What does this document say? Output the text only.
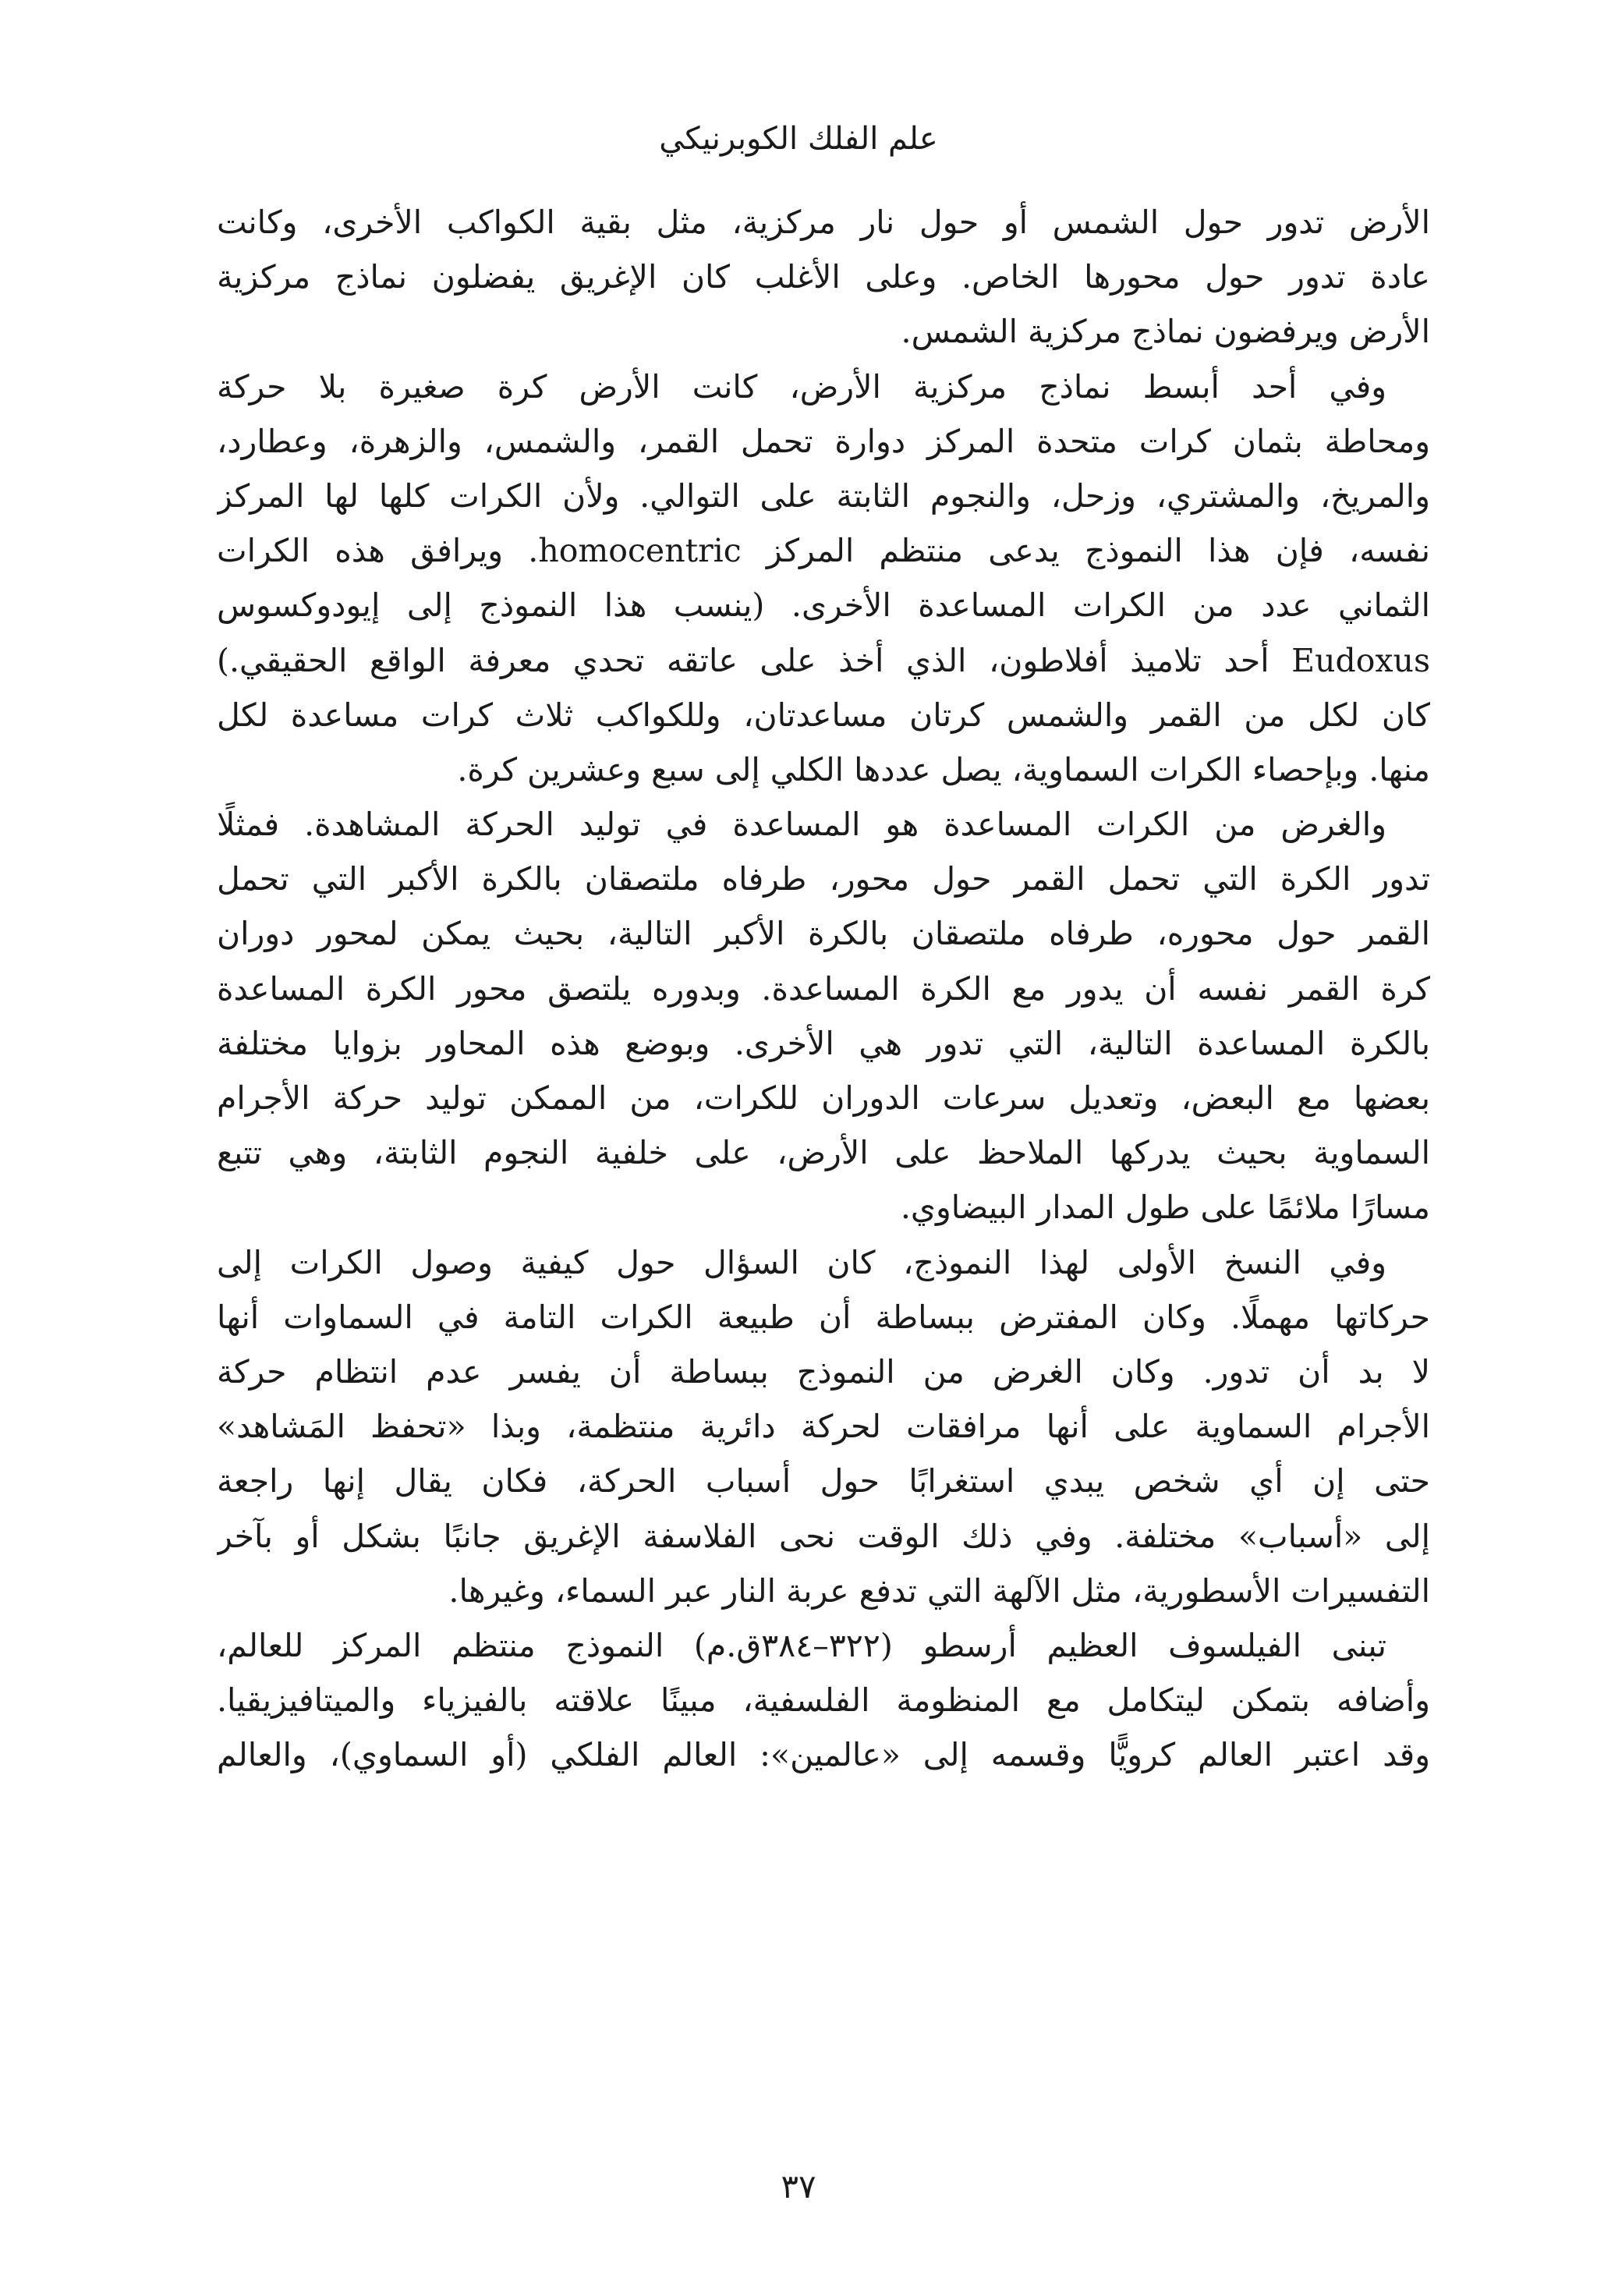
علم الفلك الكوبرنيكي
الأرض تدور حول الشمس أو حول نار مركزية، مثل بقية الكواكب الأخرى، وكانت
عادة تدور حول محورها الخاص. وعلى الأغلب كان الإغريق يفضلون نماذج مركزية
الأرض ويرفضون نماذج مركزية الشمس.
وفي أحد أبسط نماذج مركزية الأرض، كانت الأرض كرة صغيرة بلا حركة
ومحاطة بثمان كرات متحدة المركز دوارة تحمل القمر، والشمس، والزهرة، وعطارد،
والمريخ، والمشتري، وزحل، والنجوم الثابتة على التوالي. ولأن الكرات كلها لها المركز
نفسه، فإن هذا النموذج يدعى منتظم المركز homocentric. ويرافق هذه الكرات
الثماني عدد من الكرات المساعدة الأخرى. (ينسب هذا النموذج إلى إيودوكسوس
Eudoxus أحد تلاميذ أفلاطون، الذي أخذ على عاتقه تحدي معرفة الواقع الحقيقي.)
كان لكل من القمر والشمس كرتان مساعدتان، وللكواكب ثلاث كرات مساعدة لكل
منها. وبإحصاء الكرات السماوية، يصل عددها الكلي إلى سبع وعشرين كرة.
والغرض من الكرات المساعدة هو المساعدة في توليد الحركة المشاهدة. فمثلًا
تدور الكرة التي تحمل القمر حول محور، طرفاه ملتصقان بالكرة الأكبر التي تحمل
القمر حول محوره، طرفاه ملتصقان بالكرة الأكبر التالية، بحيث يمكن لمحور دوران
كرة القمر نفسه أن يدور مع الكرة المساعدة. وبدوره يلتصق محور الكرة المساعدة
بالكرة المساعدة التالية، التي تدور هي الأخرى. وبوضع هذه المحاور بزوايا مختلفة
بعضها مع البعض، وتعديل سرعات الدوران للكرات، من الممكن توليد حركة الأجرام
السماوية بحيث يدركها الملاحظ على الأرض، على خلفية النجوم الثابتة، وهي تتبع
مسارًا ملائمًا على طول المدار البيضاوي.
وفي النسخ الأولى لهذا النموذج، كان السؤال حول كيفية وصول الكرات إلى
حركاتها مهملًا. وكان المفترض ببساطة أن طبيعة الكرات التامة في السماوات أنها
لا بد أن تدور. وكان الغرض من النموذج ببساطة أن يفسر عدم انتظام حركة
الأجرام السماوية على أنها مرافقات لحركة دائرية منتظمة، وبذا «تحفظ المَشاهد»
حتى إن أي شخص يبدي استغرابًا حول أسباب الحركة، فكان يقال إنها راجعة
إلى «أسباب» مختلفة. وفي ذلك الوقت نحى الفلاسفة الإغريق جانبًا بشكل أو بآخر
التفسيرات الأسطورية، مثل الآلهة التي تدفع عربة النار عبر السماء، وغيرها.
تبنى الفيلسوف العظيم أرسطو (٣٢٢–٣٨٤ق.م) النموذج منتظم المركز للعالم،
وأضافه بتمكن ليتكامل مع المنظومة الفلسفية، مبينًا علاقته بالفيزياء والميتافيزيقيا.
وقد اعتبر العالم كرويًّا وقسمه إلى «عالمين»: العالم الفلكي (أو السماوي)، والعالم
٣٧
